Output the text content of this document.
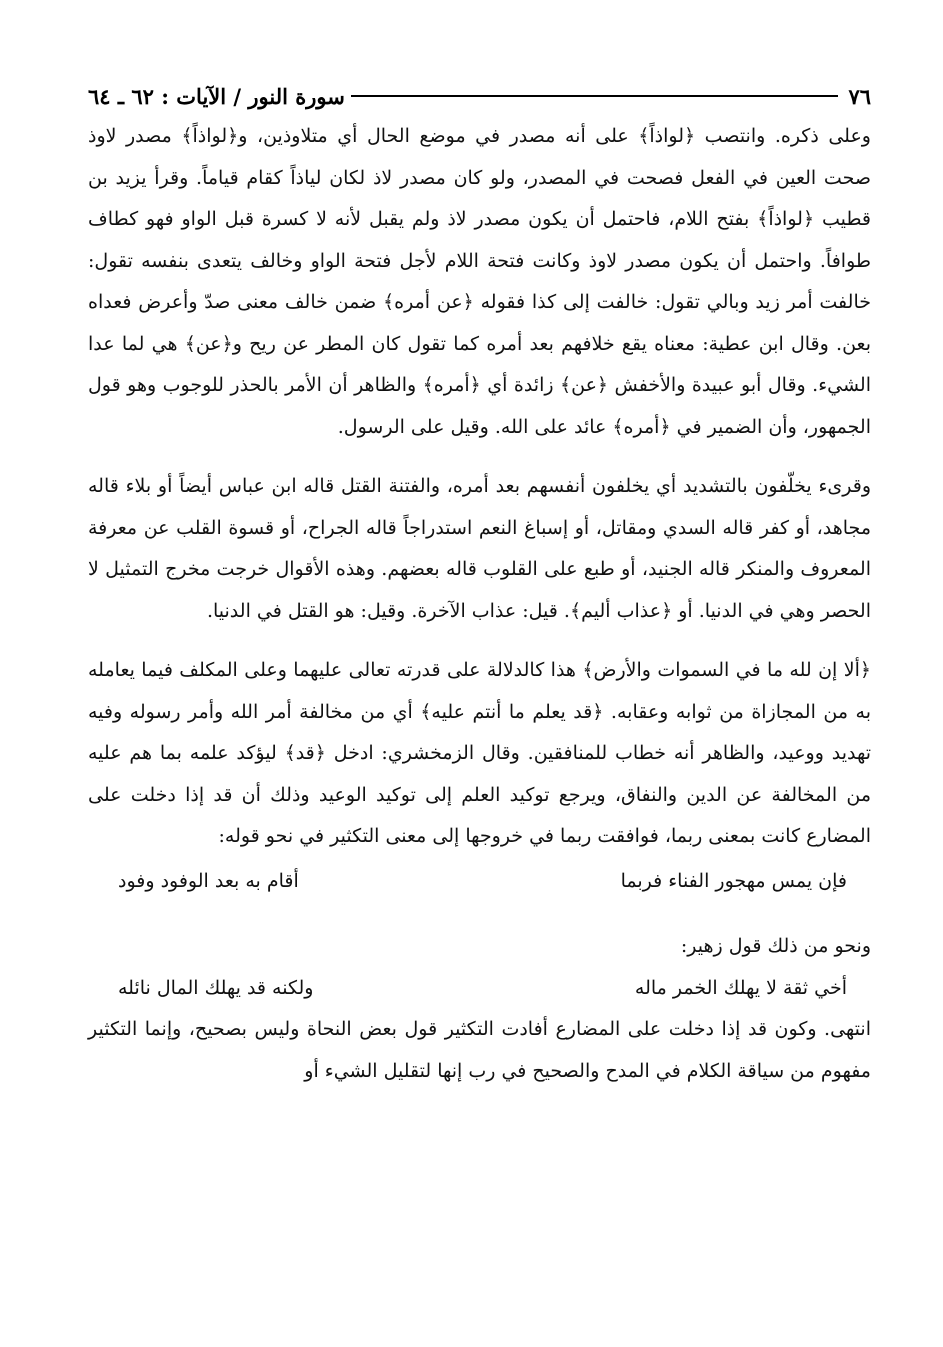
٧٦
سورة النور / الآيات : ٦٢ ـ ٦٤

وعلى ذكره. وانتصب ﴿لواذاً﴾ على أنه مصدر في موضع الحال أي متلاوذين، و﴿لواذاً﴾ مصدر لاوذ صحت العين في الفعل فصحت في المصدر، ولو كان مصدر لاذ لكان لياذاً كقام قياماً. وقرأ يزيد بن قطيب ﴿لواذاً﴾ بفتح اللام، فاحتمل أن يكون مصدر لاذ ولم يقبل لأنه لا كسرة قبل الواو فهو كطاف طوافاً. واحتمل أن يكون مصدر لاوذ وكانت فتحة اللام لأجل فتحة الواو وخالف يتعدى بنفسه تقول: خالفت أمر زيد وبالي تقول: خالفت إلى كذا فقوله ﴿عن أمره﴾ ضمن خالف معنى صدّ وأعرض فعداه بعن. وقال ابن عطية: معناه يقع خلافهم بعد أمره كما تقول كان المطر عن ريح و﴿عن﴾ هي لما عدا الشيء. وقال أبو عبيدة والأخفش ﴿عن﴾ زائدة أي ﴿أمره﴾ والظاهر أن الأمر بالحذر للوجوب وهو قول الجمهور، وأن الضمير في ﴿أمره﴾ عائد على الله. وقيل على الرسول.

وقرىء يخلّفون بالتشديد أي يخلفون أنفسهم بعد أمره، والفتنة القتل قاله ابن عباس أيضاً أو بلاء قاله مجاهد، أو كفر قاله السدي ومقاتل، أو إسباغ النعم استدراجاً قاله الجراح، أو قسوة القلب عن معرفة المعروف والمنكر قاله الجنيد، أو طبع على القلوب قاله بعضهم. وهذه الأقوال خرجت مخرج التمثيل لا الحصر وهي في الدنيا. أو ﴿عذاب أليم﴾. قيل: عذاب الآخرة. وقيل: هو القتل في الدنيا.

﴿ألا إن لله ما في السموات والأرض﴾ هذا كالدلالة على قدرته تعالى عليهما وعلى المكلف فيما يعامله به من المجازاة من ثوابه وعقابه. ﴿قد يعلم ما أنتم عليه﴾ أي من مخالفة أمر الله وأمر رسوله وفيه تهديد ووعيد، والظاهر أنه خطاب للمنافقين. وقال الزمخشري: ادخل ﴿قد﴾ ليؤكد علمه بما هم عليه من المخالفة عن الدين والنفاق، ويرجع توكيد العلم إلى توكيد الوعيد وذلك أن قد إذا دخلت على المضارع كانت بمعنى ربما، فوافقت ربما في خروجها إلى معنى التكثير في نحو قوله:

فإن يمس مهجور الفناء فربما
أقام به بعد الوفود وفود

ونحو من ذلك قول زهير:

أخي ثقة لا يهلك الخمر ماله
ولكنه قد يهلك المال نائله

انتهى. وكون قد إذا دخلت على المضارع أفادت التكثير قول بعض النحاة وليس بصحيح، وإنما التكثير مفهوم من سياقة الكلام في المدح والصحيح في رب إنها لتقليل الشيء أو
